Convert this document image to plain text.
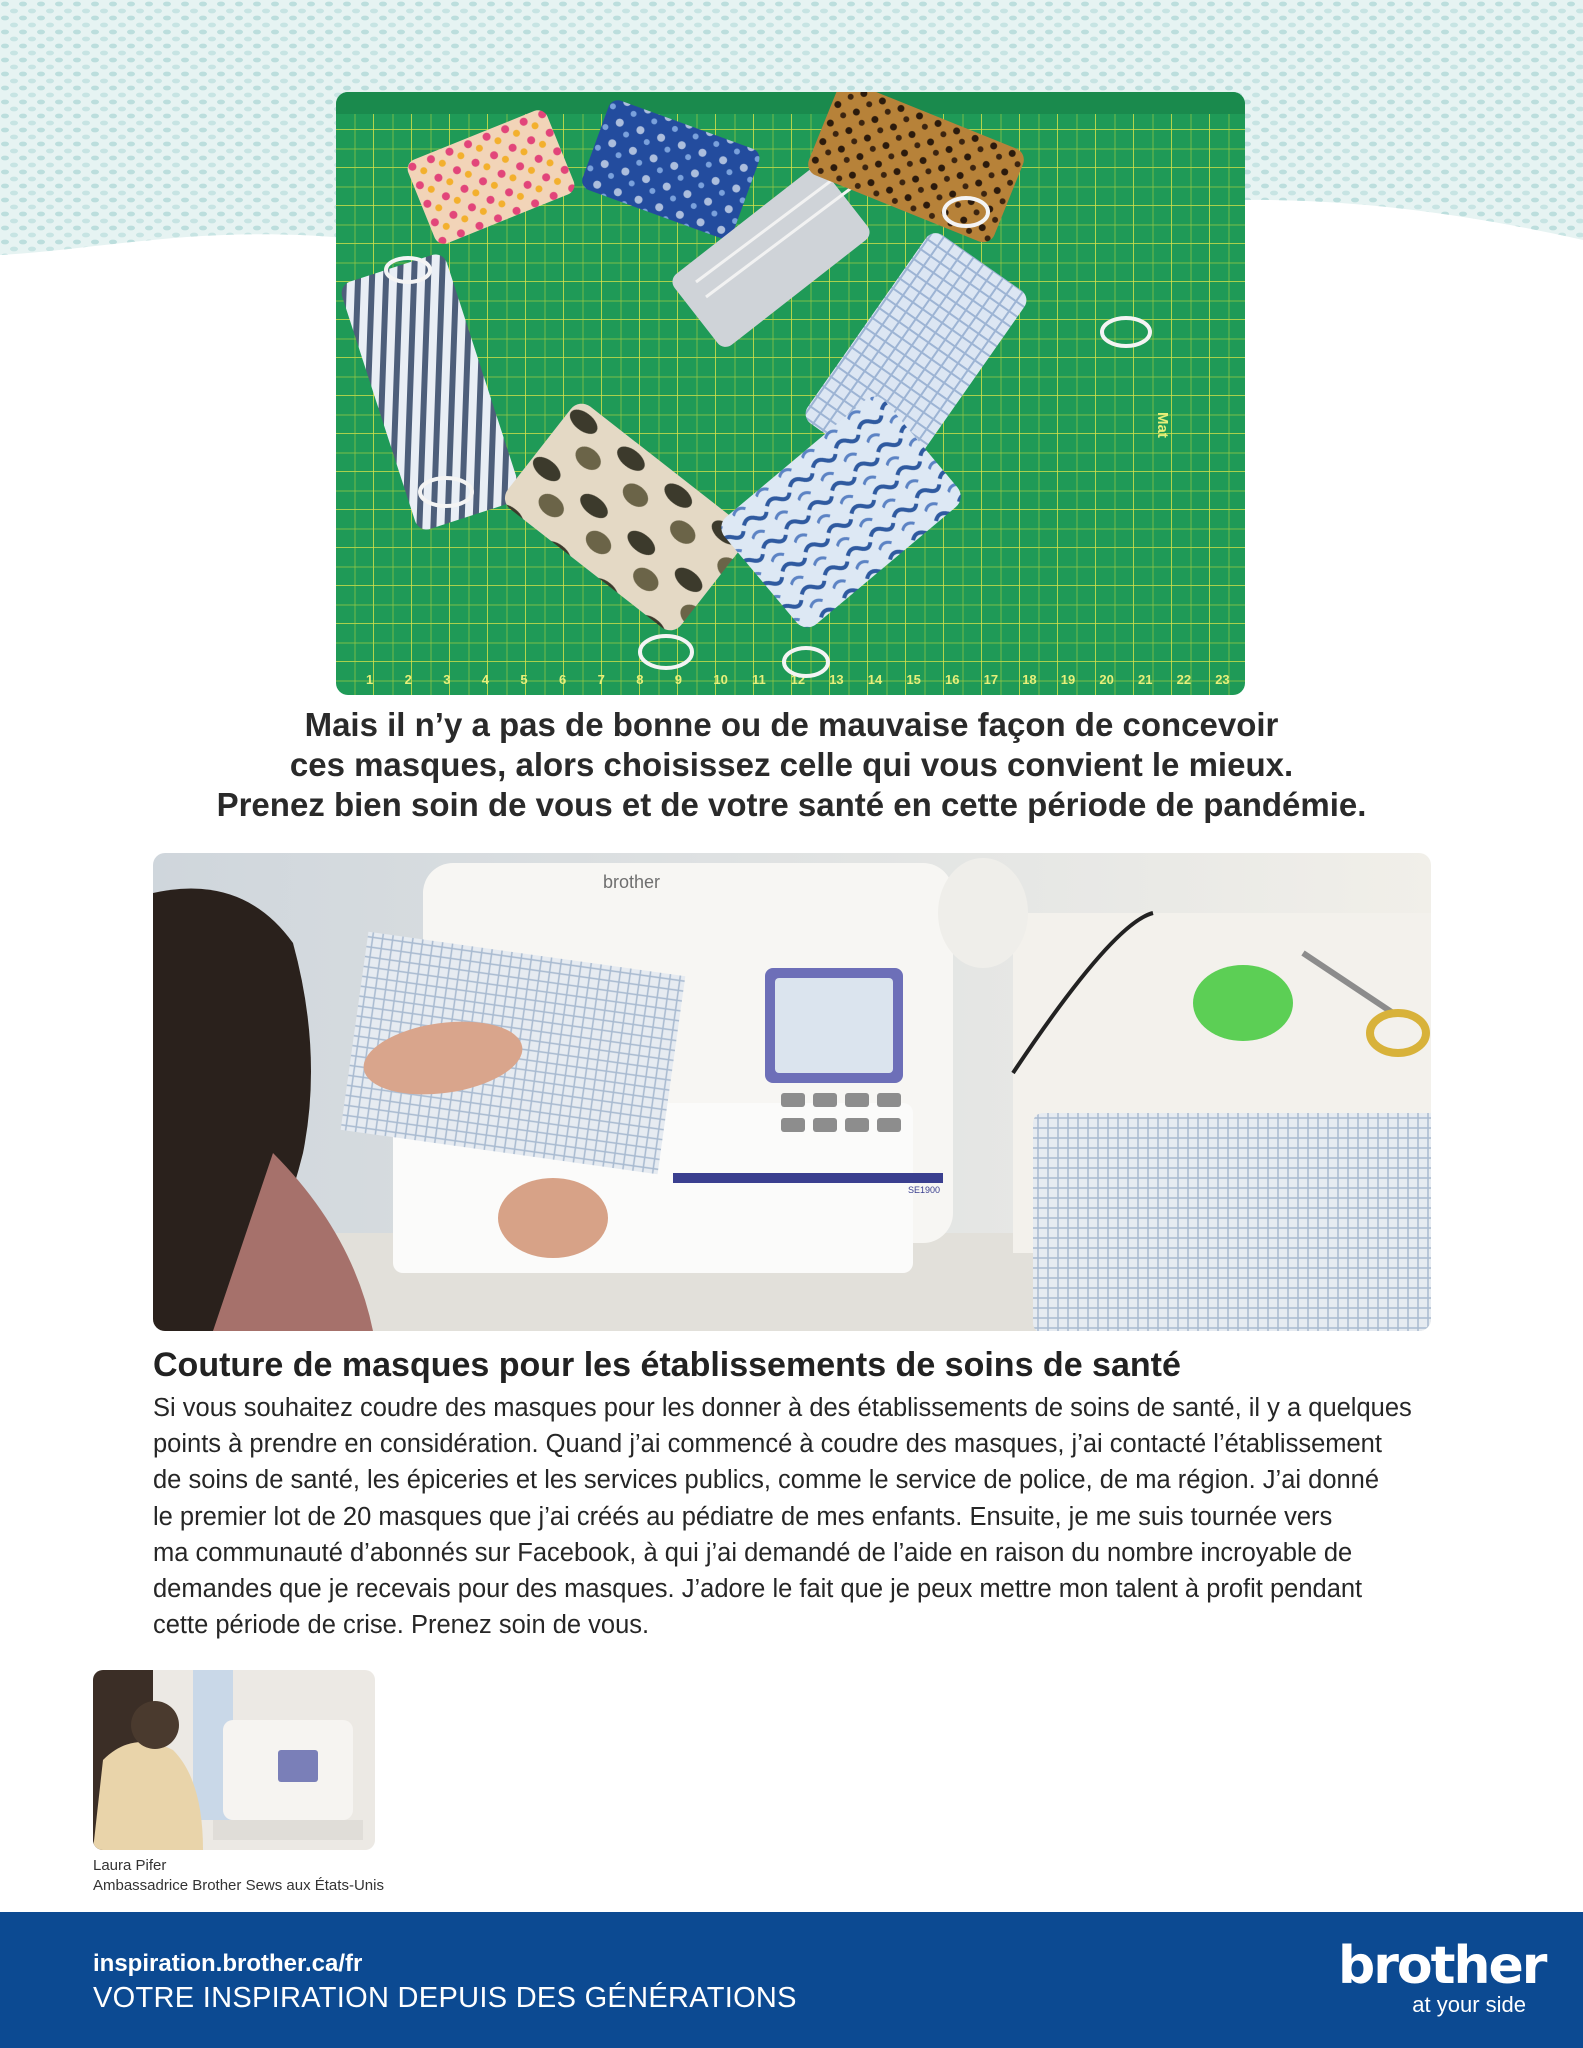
1 2 3 4 5 6 7 8 9 10 11 12 13 14 15 16 17 18 19 20 21 22 23
Mat
Mais il n’y a pas de bonne ou de mauvaise façon de concevoir
ces masques, alors choisissez celle qui vous convient le mieux.
Prenez bien soin de vous et de votre santé en cette période de pandémie.
brother
SE1900
Couture de masques pour les établissements de soins de santé
Si vous souhaitez coudre des masques pour les donner à des établissements de soins de santé, il y a quelques
points à prendre en considération. Quand j’ai commencé à coudre des masques, j’ai contacté l’établissement
de soins de santé, les épiceries et les services publics, comme le service de police, de ma région. J’ai donné
le premier lot de 20 masques que j’ai créés au pédiatre de mes enfants. Ensuite, je me suis tournée vers
ma communauté d’abonnés sur Facebook, à qui j’ai demandé de l’aide en raison du nombre incroyable de
demandes que je recevais pour des masques. J’adore le fait que je peux mettre mon talent à profit pendant
cette période de crise. Prenez soin de vous.
Laura Pifer
Ambassadrice Brother Sews aux États-Unis
inspiration.brother.ca/fr
VOTRE INSPIRATION DEPUIS DES GÉNÉRATIONS
brother
at your side
